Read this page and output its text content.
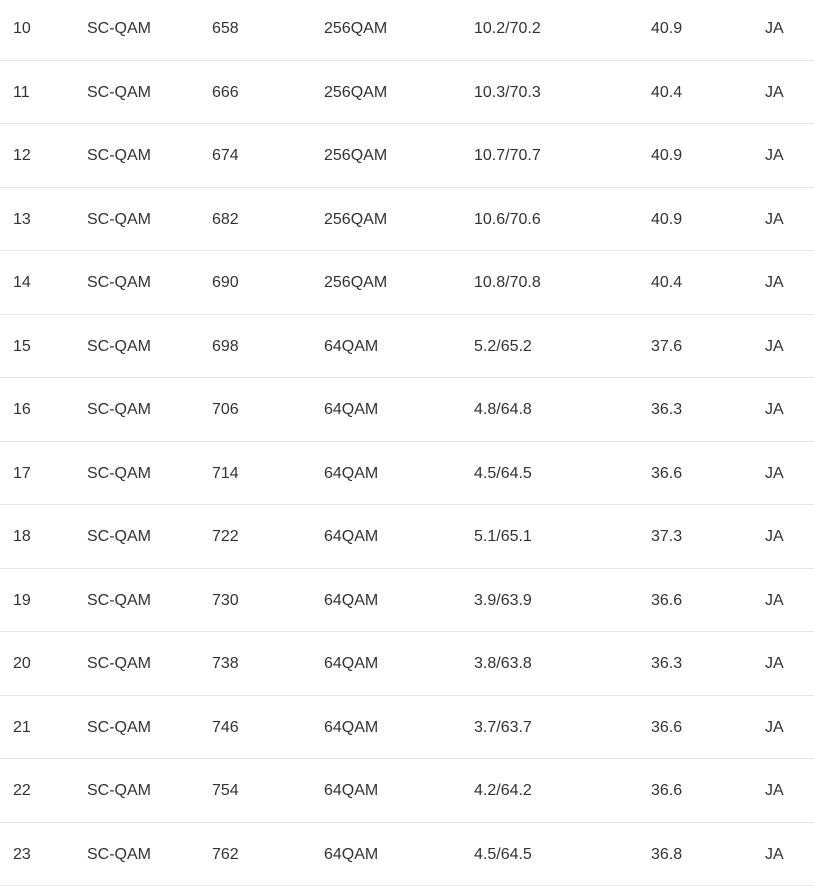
10	SC-QAM	658	256QAM	10.2/70.2	40.9	JA
11	SC-QAM	666	256QAM	10.3/70.3	40.4	JA
12	SC-QAM	674	256QAM	10.7/70.7	40.9	JA
13	SC-QAM	682	256QAM	10.6/70.6	40.9	JA
14	SC-QAM	690	256QAM	10.8/70.8	40.4	JA
15	SC-QAM	698	64QAM	5.2/65.2	37.6	JA
16	SC-QAM	706	64QAM	4.8/64.8	36.3	JA
17	SC-QAM	714	64QAM	4.5/64.5	36.6	JA
18	SC-QAM	722	64QAM	5.1/65.1	37.3	JA
19	SC-QAM	730	64QAM	3.9/63.9	36.6	JA
20	SC-QAM	738	64QAM	3.8/63.8	36.3	JA
21	SC-QAM	746	64QAM	3.7/63.7	36.6	JA
22	SC-QAM	754	64QAM	4.2/64.2	36.6	JA
23	SC-QAM	762	64QAM	4.5/64.5	36.8	JA
